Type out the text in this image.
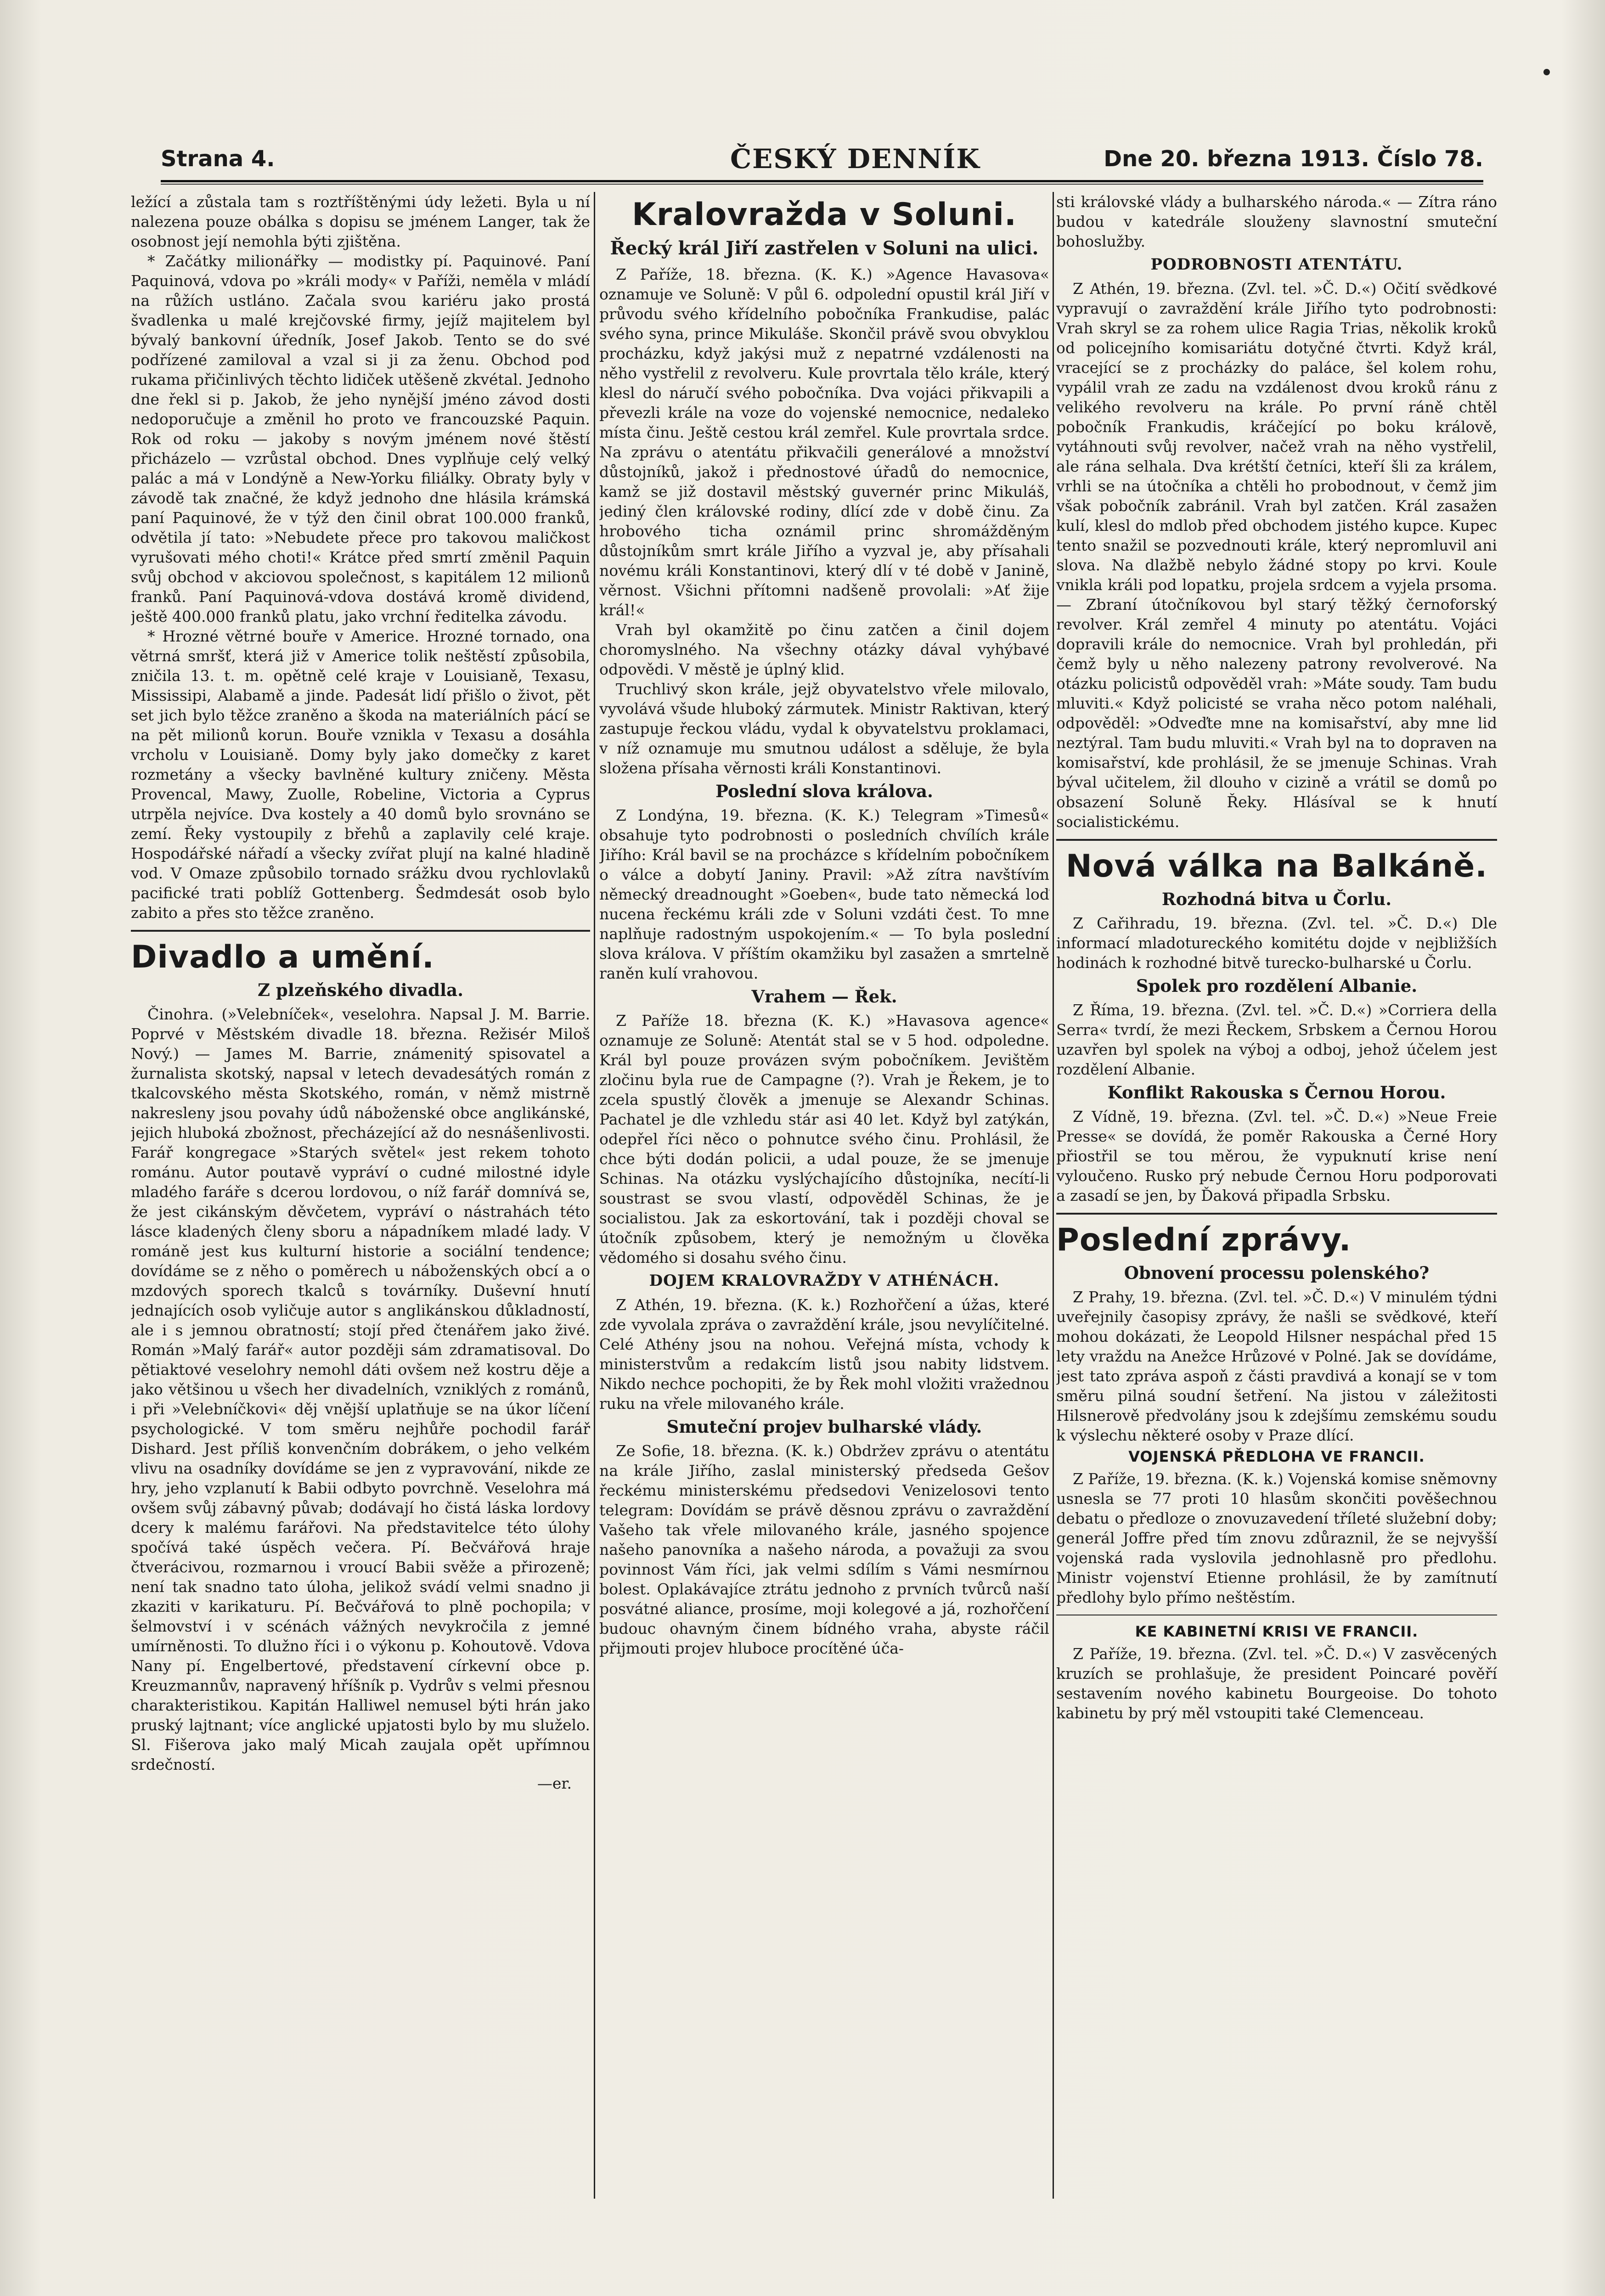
Strana 4.	ČESKÝ DENNÍK	Dne 20. března 1913. Číslo 78.

ležící a zůstala tam s roztříštěnými údy ležeti. Byla u ní nalezena pouze obálka s dopisu se jménem Langer, tak že osobnost její nemohla býti zjištěna.

* Začátky milionářky — modistky pí. Paquinové. Paní Paquinová, vdova po »králi mody« v Paříži, neměla v mládí na růžích ustláno. Začala svou kariéru jako prostá švadlenka u malé krejčovské firmy, jejíž majitelem byl bývalý bankovní úředník, Josef Jakob. Tento se do své podřízené zamiloval a vzal si ji za ženu. Obchod pod rukama přičinlivých těchto lidiček utěšeně zkvétal. Jednoho dne řekl si p. Jakob, že jeho nynější jméno závod dosti nedoporučuje a změnil ho proto ve francouzské Paquin. Rok od roku — jakoby s novým jménem nové štěstí přicházelo — vzrůstal obchod. Dnes vyplňuje celý velký palác a má v Londýně a New-Yorku filiálky. Obraty byly v závodě tak značné, že když jednoho dne hlásila krámská paní Paquinové, že v týž den činil obrat 100.000 franků, odvětila jí tato: »Nebudete přece pro takovou maličkost vyrušovati mého choti!« Krátce před smrtí změnil Paquin svůj obchod v akciovou společnost, s kapitálem 12 milionů franků. Paní Paquinová-vdova dostává kromě dividend, ještě 400.000 franků platu, jako vrchní ředitelka závodu.

* Hrozné větrné bouře v Americe. Hrozné tornado, ona větrná smršť, která již v Americe tolik neštěstí způsobila, zničila 13. t. m. opětně celé kraje v Louisianě, Texasu, Mississipi, Alabamě a jinde. Padesát lidí přišlo o život, pět set jich bylo těžce zraněno a škoda na materiálních pácí se na pět milionů korun. Bouře vznikla v Texasu a dosáhla vrcholu v Louisianě. Domy byly jako domečky z karet rozmetány a všecky bavlněné kultury zničeny. Města Provencal, Mawy, Zuolle, Robeline, Victoria a Cyprus utrpěla nejvíce. Dva kostely a 40 domů bylo srovnáno se zemí. Řeky vystoupily z břehů a zaplavily celé kraje. Hospodářské nářadí a všecky zvířat plují na kalné hladině vod. V Omaze způsobilo tornado srážku dvou rychlovlaků pacifické trati poblíž Gottenberg. Šedmdesát osob bylo zabito a přes sto těžce zraněno.

Divadlo a umění.
Z plzeňského divadla.

Činohra. (»Velebníček«, veselohra. Napsal J. M. Barrie. Poprvé v Městském divadle 18. března. Režisér Miloš Nový.) — James M. Barrie, známenitý spisovatel a žurnalista skotský, napsal v letech devadesátých román z tkalcovského města Skotského, román, v němž mistrně nakresleny jsou povahy údů náboženské obce anglikánské, jejich hluboká zbožnost, přecházející až do nesnášenlivosti. Farář kongregace »Starých světel« jest rekem tohoto románu. Autor poutavě vypráví o cudné milostné idyle mladého faráře s dcerou lordovou, o níž farář domnívá se, že jest cikánským děvčetem, vypráví o nástrahách této lásce kladených členy sboru a nápadníkem mladé lady. V románě jest kus kulturní historie a sociální tendence; dovídáme se z něho o poměrech u náboženských obcí a o mzdových sporech tkalců s továrníky. Duševní hnutí jednajících osob vyličuje autor s anglikánskou důkladností, ale i s jemnou obratností; stojí před čtenářem jako živé. Román »Malý farář« autor později sám zdramatisoval. Do pětiaktové veselohry nemohl dáti ovšem než kostru děje a jako většinou u všech her divadelních, vzniklých z románů, i při »Velebníčkovi« děj vnější uplatňuje se na úkor líčení psychologické. V tom směru nejhůře pochodil farář Dishard. Jest příliš konvenčním dobrákem, o jeho velkém vlivu na osadníky dovídáme se jen z vypravování, nikde ze hry, jeho vzplanutí k Babii odbyto povrchně. Veselohra má ovšem svůj zábavný půvab; dodávají ho čistá láska lordovy dcery k malému farářovi. Na představitelce této úlohy spočívá také úspěch večera. Pí. Bečvářová hraje čtverácivou, rozmarnou i vroucí Babii svěže a přirozeně; není tak snadno tato úloha, jelikož svádí velmi snadno ji zkaziti v karikaturu. Pí. Bečvářová to plně pochopila; v šelmovství i v scénách vážných nevykročila z jemné umírněnosti. To dlužno říci i o výkonu p. Kohoutově. Vdova Nany pí. Engelbertové, představení církevní obce p. Kreuzmannův, napravený hříšník p. Vydrův s velmi přesnou charakteristikou. Kapitán Halliwel nemusel býti hrán jako pruský lajtnant; více anglické upjatosti bylo by mu služelo. Sl. Fišerova jako malý Micah zaujala opět upřímnou srdečností.

—er.
Kralovražda v Soluni.
Řecký král Jiří zastřelen v Soluni na ulici.

Z Paříže, 18. března. (K. K.) »Agence Havasova« oznamuje ve Soluně: V půl 6. odpolední opustil král Jiří v průvodu svého křídelního pobočníka Frankudise, palác svého syna, prince Mikuláše. Skončil právě svou obvyklou procházku, když jakýsi muž z nepatrné vzdálenosti na něho vystřelil z revolveru. Kule provrtala tělo krále, který klesl do náručí svého pobočníka. Dva vojáci přikvapili a převezli krále na voze do vojenské nemocnice, nedaleko místa činu. Ještě cestou král zemřel. Kule provrtala srdce. Na zprávu o atentátu přikvačili generálové a množství důstojníků, jakož i přednostové úřadů do nemocnice, kamž se již dostavil městský guvernér princ Mikuláš, jediný člen královské rodiny, dlící zde v době činu. Za hrobového ticha oznámil princ shromážděným důstojníkům smrt krále Jiřího a vyzval je, aby přísahali novému králi Konstantinovi, který dlí v té době v Janině, věrnost. Všichni přítomni nadšeně provolali: »Ať žije král!«

Vrah byl okamžitě po činu zatčen a činil dojem choromyslného. Na všechny otázky dával vyhýbavé odpovědi. V městě je úplný klid.

Truchlivý skon krále, jejž obyvatelstvo vřele milovalo, vyvolává všude hluboký zármutek. Ministr Raktivan, který zastupuje řeckou vládu, vydal k obyvatelstvu proklamaci, v níž oznamuje mu smutnou událost a sděluje, že byla složena přísaha věrnosti králi Konstantinovi.

Poslední slova králova.

Z Londýna, 19. března. (K. K.) Telegram »Timesů« obsahuje tyto podrobnosti o posledních chvílích krále Jiřího: Král bavil se na procházce s křídelním pobočníkem o válce a dobytí Janiny. Pravil: »Až zítra navštívím německý dreadnought »Goeben«, bude tato německá loď nucena řeckému králi zde v Soluni vzdáti čest. To mne naplňuje radostným uspokojením.« — To byla poslední slova králova. V příštím okamžiku byl zasažen a smrtelně raněn kulí vrahovou.

Vrahem — Řek.

Z Paříže 18. března (K. K.) »Havasova agence« oznamuje ze Soluně: Atentát stal se v 5 hod. odpoledne. Král byl pouze provázen svým pobočníkem. Jevištěm zločinu byla rue de Campagne (?). Vrah je Řekem, je to zcela spustlý člověk a jmenuje se Alexandr Schinas. Pachatel je dle vzhledu stár asi 40 let. Když byl zatýkán, odepřel říci něco o pohnutce svého činu. Prohlásil, že chce býti dodán policii, a udal pouze, že se jmenuje Schinas. Na otázku vyslýchajícího důstojníka, necítí-li soustrast se svou vlastí, odpověděl Schinas, že je socialistou. Jak za eskortování, tak i později choval se útočník způsobem, který je nemožným u člověka vědomého si dosahu svého činu.

DOJEM KRALOVRAŽDY V ATHÉNÁCH.

Z Athén, 19. března. (K. k.) Rozhořčení a úžas, které zde vyvolala zpráva o zavraždění krále, jsou nevylíčitelné. Celé Athény jsou na nohou. Veřejná místa, vchody k ministerstvům a redakcím listů jsou nabity lidstvem. Nikdo nechce pochopiti, že by Řek mohl vložiti vražednou ruku na vřele milovaného krále.

Smuteční projev bulharské vlády.

Ze Sofie, 18. března. (K. k.) Obdržev zprávu o atentátu na krále Jiřího, zaslal ministerský předseda Gešov řeckému ministerskému předsedovi Venizelosovi tento telegram: Dovídám se právě děsnou zprávu o zavraždění Vašeho tak vřele milovaného krále, jasného spojence našeho panovníka a našeho národa, a považuji za svou povinnost Vám říci, jak velmi sdílím s Vámi nesmírnou bolest. Oplakávajíce ztrátu jednoho z prvních tvůrců naší posvátné aliance, prosíme, moji kolegové a já, rozhořčení budouc ohavným činem bídného vraha, abyste ráčil přijmouti projev hluboce procítěné úča-

sti královské vlády a bulharského národa.« — Zítra ráno budou v katedrále slouženy slavnostní smuteční bohoslužby.

PODROBNOSTI ATENTÁTU.

Z Athén, 19. března. (Zvl. tel. »Č. D.«) Očití svědkové vypravují o zavraždění krále Jiřího tyto podrobnosti: Vrah skryl se za rohem ulice Ragia Trias, několik kroků od policejního komisariátu dotyčné čtvrti. Když král, vracející se z procházky do paláce, šel kolem rohu, vypálil vrah ze zadu na vzdálenost dvou kroků ránu z velikého revolveru na krále. Po první ráně chtěl pobočník Frankudis, kráčející po boku králově, vytáhnouti svůj revolver, načež vrah na něho vystřelil, ale rána selhala. Dva krétští četníci, kteří šli za králem, vrhli se na útočníka a chtěli ho probodnout, v čemž jim však pobočník zabránil. Vrah byl zatčen. Král zasažen kulí, klesl do mdlob před obchodem jistého kupce. Kupec tento snažil se pozvednouti krále, který nepromluvil ani slova. Na dlažbě nebylo žádné stopy po krvi. Koule vnikla králi pod lopatku, projela srdcem a vyjela prsoma. — Zbraní útočníkovou byl starý těžký černoforský revolver. Král zemřel 4 minuty po atentátu. Vojáci dopravili krále do nemocnice. Vrah byl prohledán, při čemž byly u něho nalezeny patrony revolverové. Na otázku policistů odpověděl vrah: »Máte soudy. Tam budu mluviti.« Když policisté se vraha něco potom naléhali, odpověděl: »Odveďte mne na komisařství, aby mne lid neztýral. Tam budu mluviti.« Vrah byl na to dopraven na komisařství, kde prohlásil, že se jmenuje Schinas. Vrah býval učitelem, žil dlouho v cizině a vrátil se domů po obsazení Soluně Řeky. Hlásíval se k hnutí socialistickému.

Nová válka na Balkáně.
Rozhodná bitva u Čorlu.

Z Cařihradu, 19. března. (Zvl. tel. »Č. D.«) Dle informací mladotureckého komitétu dojde v nejbližších hodinách k rozhodné bitvě turecko-bulharské u Čorlu.

Spolek pro rozdělení Albanie.

Z Říma, 19. března. (Zvl. tel. »Č. D.«) »Corriera della Serra« tvrdí, že mezi Řeckem, Srbskem a Černou Horou uzavřen byl spolek na výboj a odboj, jehož účelem jest rozdělení Albanie.

Konflikt Rakouska s Černou Horou.

Z Vídně, 19. března. (Zvl. tel. »Č. D.«) »Neue Freie Presse« se dovídá, že poměr Rakouska a Černé Hory přiostřil se tou měrou, že vypuknutí krise není vyloučeno. Rusko prý nebude Černou Horu podporovati a zasadí se jen, by Ďaková připadla Srbsku.

Poslední zprávy.
Obnovení processu polenského?

Z Prahy, 19. března. (Zvl. tel. »Č. D.«) V minulém týdni uveřejnily časopisy zprávy, že našli se svědkové, kteří mohou dokázati, že Leopold Hilsner nespáchal před 15 lety vraždu na Anežce Hrůzové v Polné. Jak se dovídáme, jest tato zpráva aspoň z části pravdivá a konají se v tom směru pilná soudní šetření. Na jistou v záležitosti Hilsnerově předvolány jsou k zdejšímu zemskému soudu k výslechu některé osoby v Praze dlící.

VOJENSKÁ PŘEDLOHA VE FRANCII.

Z Paříže, 19. března. (K. k.) Vojenská komise sněmovny usnesla se 77 proti 10 hlasům skončiti pověšechnou debatu o předloze o znovuzavedení tříleté služební doby; generál Joffre před tím znovu zdůraznil, že se nejvyšší vojenská rada vyslovila jednohlasně pro předlohu. Ministr vojenství Etienne prohlásil, že by zamítnutí předlohy bylo přímo neštěstím.

KE KABINETNÍ KRISI VE FRANCII.

Z Paříže, 19. března. (Zvl. tel. »Č. D.«) V zasvěcených kruzích se prohlašuje, že president Poincaré pověří sestavením nového kabinetu Bourgeoise. Do tohoto kabinetu by prý měl vstoupiti také Clemenceau.
